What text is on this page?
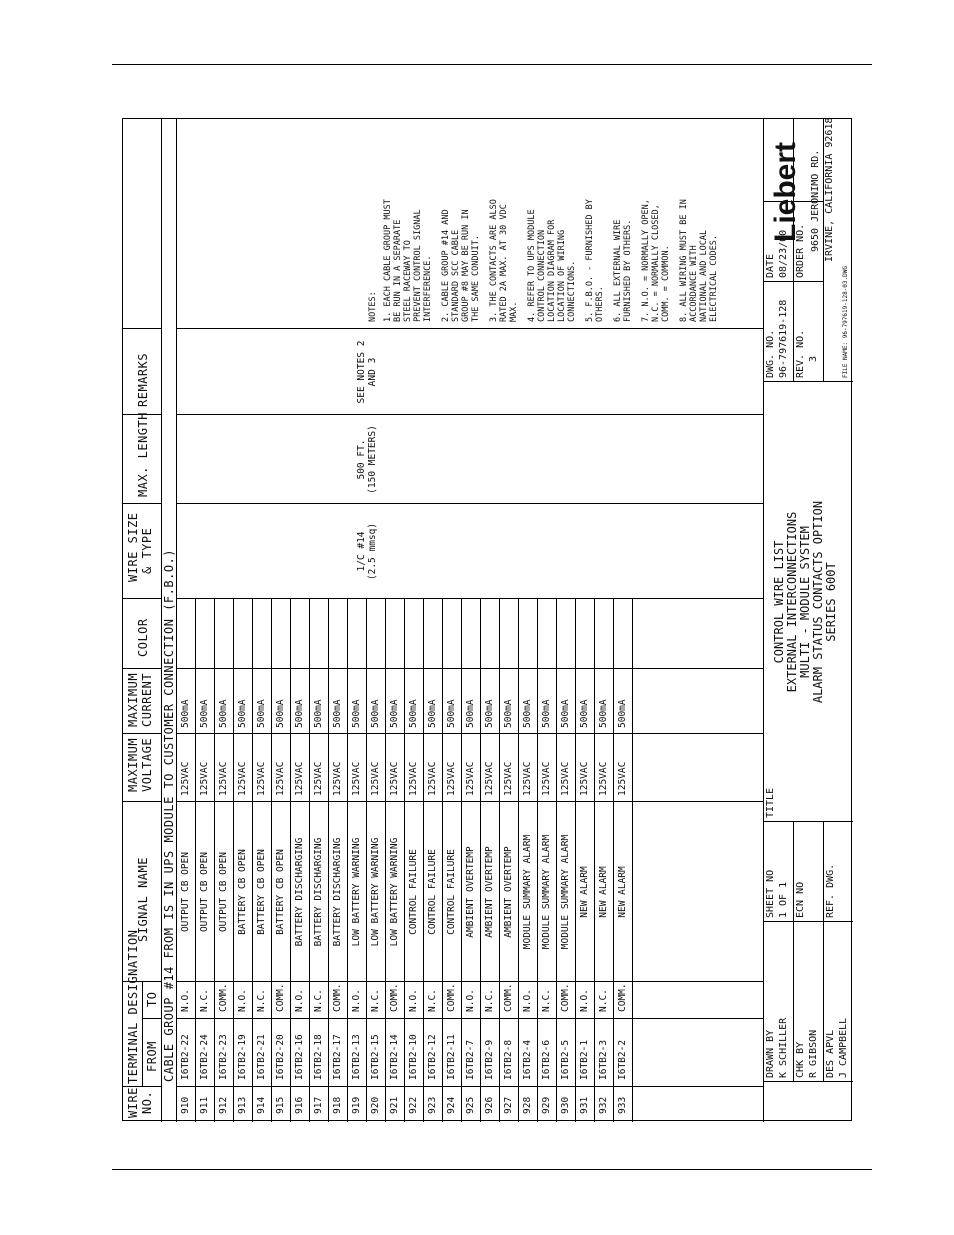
WIRE NO.
TERMINAL DESIGNATION FROM
TO
SIGNAL NAME
MAXIMUM VOLTAGE
MAXIMUM CURRENT
COLOR
WIRE SIZE & TYPE
MAX. LENGTH
REMARKS
CABLE GROUP #14 FROM IS IN UPS MODULE TO CUSTOMER CONNECTION (F.B.O.)
910
I6TB2-22
N.O.
OUTPUT CB OPEN
125VAC
500mA
911
I6TB2-24
N.C.
OUTPUT CB OPEN
125VAC
500mA
912
I6TB2-23
COMM.
OUTPUT CB OPEN
125VAC
500mA
913
I6TB2-19
N.O.
BATTERY CB OPEN
125VAC
500mA
914
I6TB2-21
N.C.
BATTERY CB OPEN
125VAC
500mA
915
I6TB2-20
COMM.
BATTERY CB OPEN
125VAC
500mA
916
I6TB2-16
N.O.
BATTERY DISCHARGING
125VAC
500mA
917
I6TB2-18
N.C.
BATTERY DISCHARGING
125VAC
500mA
918
I6TB2-17
COMM.
BATTERY DISCHARGING
125VAC
500mA
919
I6TB2-13
N.O.
LOW BATTERY WARNING
125VAC
500mA
920
I6TB2-15
N.C.
LOW BATTERY WARNING
125VAC
500mA
921
I6TB2-14
COMM.
LOW BATTERY WARNING
125VAC
500mA
922
I6TB2-10
N.O.
CONTROL FAILURE
125VAC
500mA
923
I6TB2-12
N.C.
CONTROL FAILURE
125VAC
500mA
924
I6TB2-11
COMM.
CONTROL FAILURE
125VAC
500mA
925
I6TB2-7
N.O.
AMBIENT OVERTEMP
125VAC
500mA
926
I6TB2-9
N.C.
AMBIENT OVERTEMP
125VAC
500mA
927
I6TB2-8
COMM.
AMBIENT OVERTEMP
125VAC
500mA
928
I6TB2-4
N.O.
MODULE SUMMARY ALARM
125VAC
500mA
929
I6TB2-6
N.C.
MODULE SUMMARY ALARM
125VAC
500mA
930
I6TB2-5
COMM.
MODULE SUMMARY ALARM
125VAC
500mA
931
I6TB2-1
N.O.
NEW ALARM
125VAC
500mA
932
I6TB2-3
N.C.
NEW ALARM
125VAC
500mA
933
I6TB2-2
COMM.
NEW ALARM
125VAC
500mA
1/C #14 (2.5 mmsq)
500 FT. (150 METERS)
SEE NOTES 2 AND 3
NOTES: 1. EACH CABLE GROUP MUST
BE RUN IN A SEPARATE
STEEL RACEWAY TO
PREVENT CONTROL SIGNAL
INTERFERENCE. 2. CABLE GROUP #14 AND
STANDARD SCC CABLE
GROUP #8 MAY BE RUN IN
THE SAME CONDUIT.
3. THE CONTACTS ARE ALSO
RATED 2A MAX. AT 30 VDC
MAX. 4. REFER TO UPS MODULE
CONTROL CONNECTION
LOCATION DIAGRAM FOR
LOCATION OF WIRING
CONNECTIONS. 5. F.B.O. - FURNISHED BY
OTHERS. 6. ALL EXTERNAL WIRE
FURNISHED BY OTHERS.
7. N.O. = NORMALLY OPEN,
N.C. = NORMALLY CLOSED,
COMM. = COMMON.
8. ALL WIRING MUST BE IN
ACCORDANCE WITH
NATIONAL AND LOCAL
ELECTRICAL CODES.
DRAWN BY K SCHILLER CHK BY R GIBSON DES APVL J CAMPBELL
SHEET NO 1 OF 1 ECN NO REF. DWG.
TITLE
CONTROL WIRE LIST EXTERNAL INTERCONNECTIONS MULTI - MODULE SYSTEM ALARM STATUS CONTACTS OPTION SERIES 600T
DWG. NO. 96-797619-128
DATE 08/23/00
REV. NO. 3
ORDER NO.
FILE NAME: 96-797619-128-03.DWG
Liebert 9650 JERONIMO RD. IRVINE, CALIFORNIA 92618
